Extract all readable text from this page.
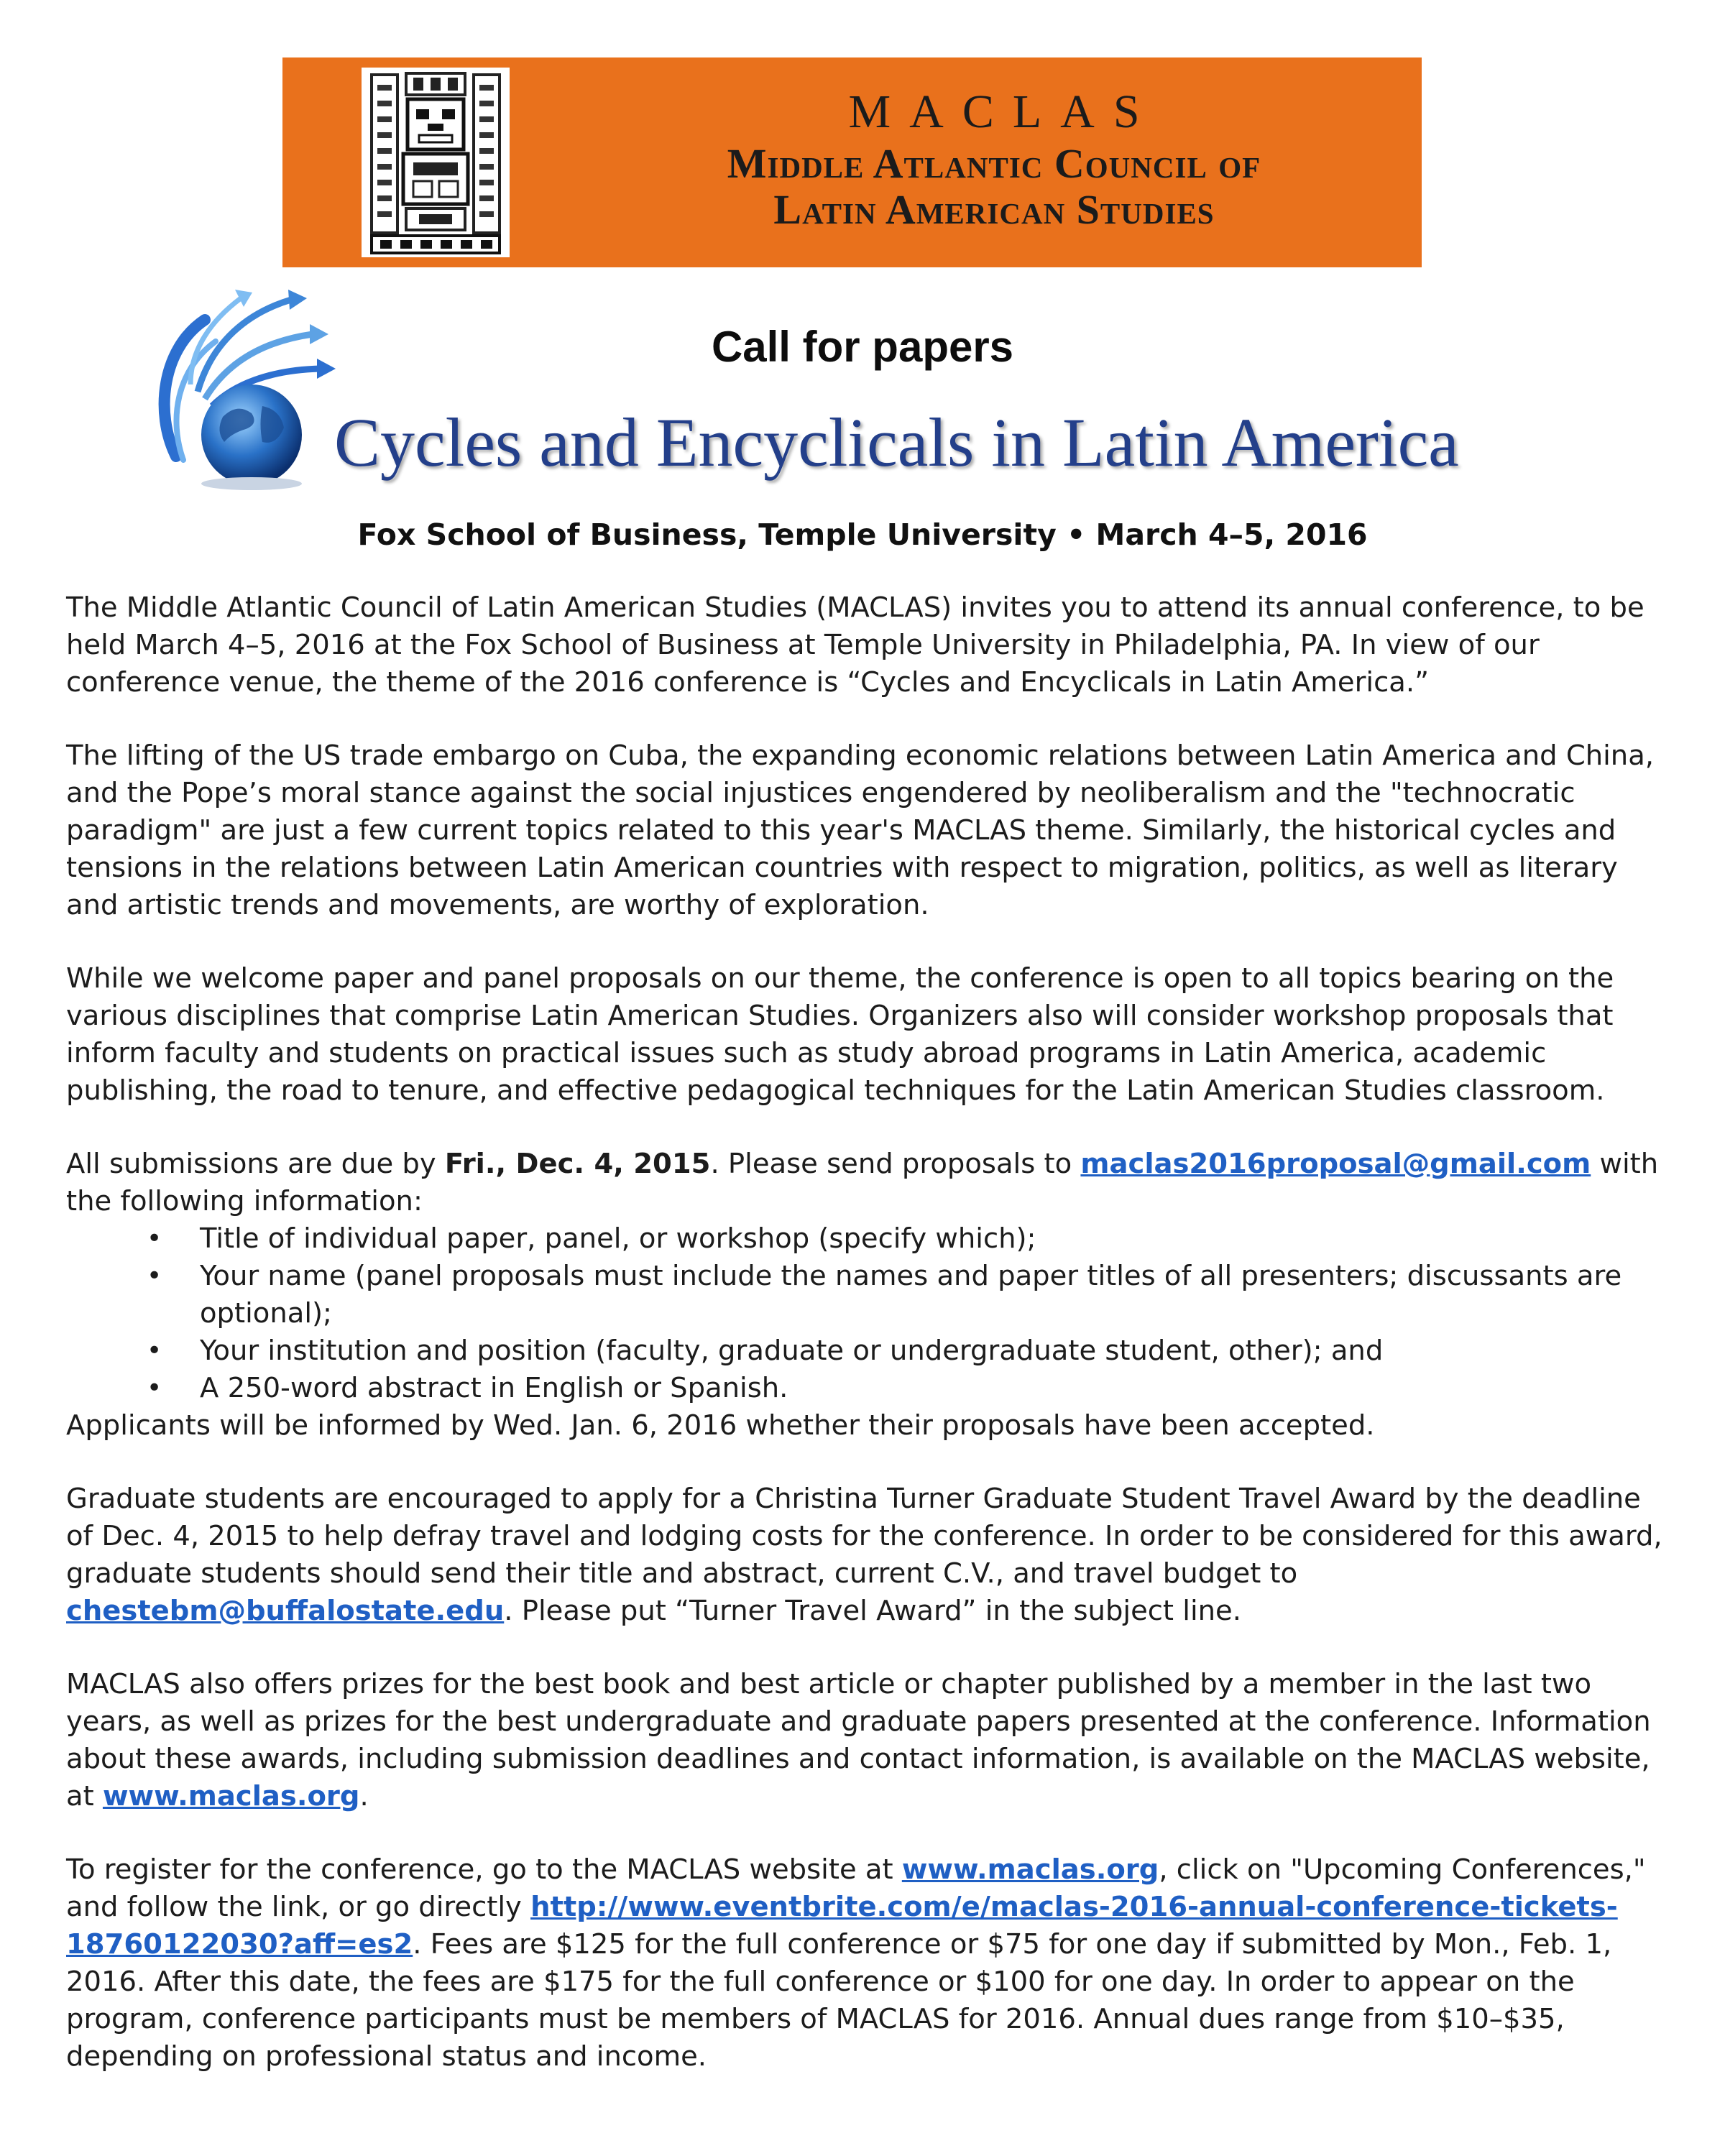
MACLAS
Middle Atlantic Council of
Latin American Studies
Call for papers
Cycles and Encyclicals in Latin America
Fox School of Business, Temple University • March 4–5, 2016

The Middle Atlantic Council of Latin American Studies (MACLAS) invites you to attend its annual conference, to be held March 4–5, 2016 at the Fox School of Business at Temple University in Philadelphia, PA. In view of our conference venue, the theme of the 2016 conference is “Cycles and Encyclicals in Latin America.”

The lifting of the US trade embargo on Cuba, the expanding economic relations between Latin America and China, and the Pope’s moral stance against the social injustices engendered by neoliberalism and the "technocratic paradigm" are just a few current topics related to this year's MACLAS theme. Similarly, the historical cycles and tensions in the relations between Latin American countries with respect to migration, politics, as well as literary and artistic trends and movements, are worthy of exploration.

While we welcome paper and panel proposals on our theme, the conference is open to all topics bearing on the various disciplines that comprise Latin American Studies. Organizers also will consider workshop proposals that inform faculty and students on practical issues such as study abroad programs in Latin America, academic publishing, the road to tenure, and effective pedagogical techniques for the Latin American Studies classroom.

All submissions are due by Fri., Dec. 4, 2015. Please send proposals to maclas2016proposal@gmail.com with the following information:

• Title of individual paper, panel, or workshop (specify which);
• Your name (panel proposals must include the names and paper titles of all presenters; discussants are optional);
• Your institution and position (faculty, graduate or undergraduate student, other); and
• A 250-word abstract in English or Spanish.

Applicants will be informed by Wed. Jan. 6, 2016 whether their proposals have been accepted.

Graduate students are encouraged to apply for a Christina Turner Graduate Student Travel Award by the deadline of Dec. 4, 2015 to help defray travel and lodging costs for the conference. In order to be considered for this award, graduate students should send their title and abstract, current C.V., and travel budget to chestebm@buffalostate.edu. Please put “Turner Travel Award” in the subject line.

MACLAS also offers prizes for the best book and best article or chapter published by a member in the last two years, as well as prizes for the best undergraduate and graduate papers presented at the conference. Information about these awards, including submission deadlines and contact information, is available on the MACLAS website, at www.maclas.org.

To register for the conference, go to the MACLAS website at www.maclas.org, click on "Upcoming Conferences," and follow the link, or go directly http://www.eventbrite.com/e/maclas-2016-annual-conference-tickets-18760122030?aff=es2. Fees are $125 for the full conference or $75 for one day if submitted by Mon., Feb. 1, 2016. After this date, the fees are $175 for the full conference or $100 for one day. In order to appear on the program, conference participants must be members of MACLAS for 2016. Annual dues range from $10–$35, depending on professional status and income.
